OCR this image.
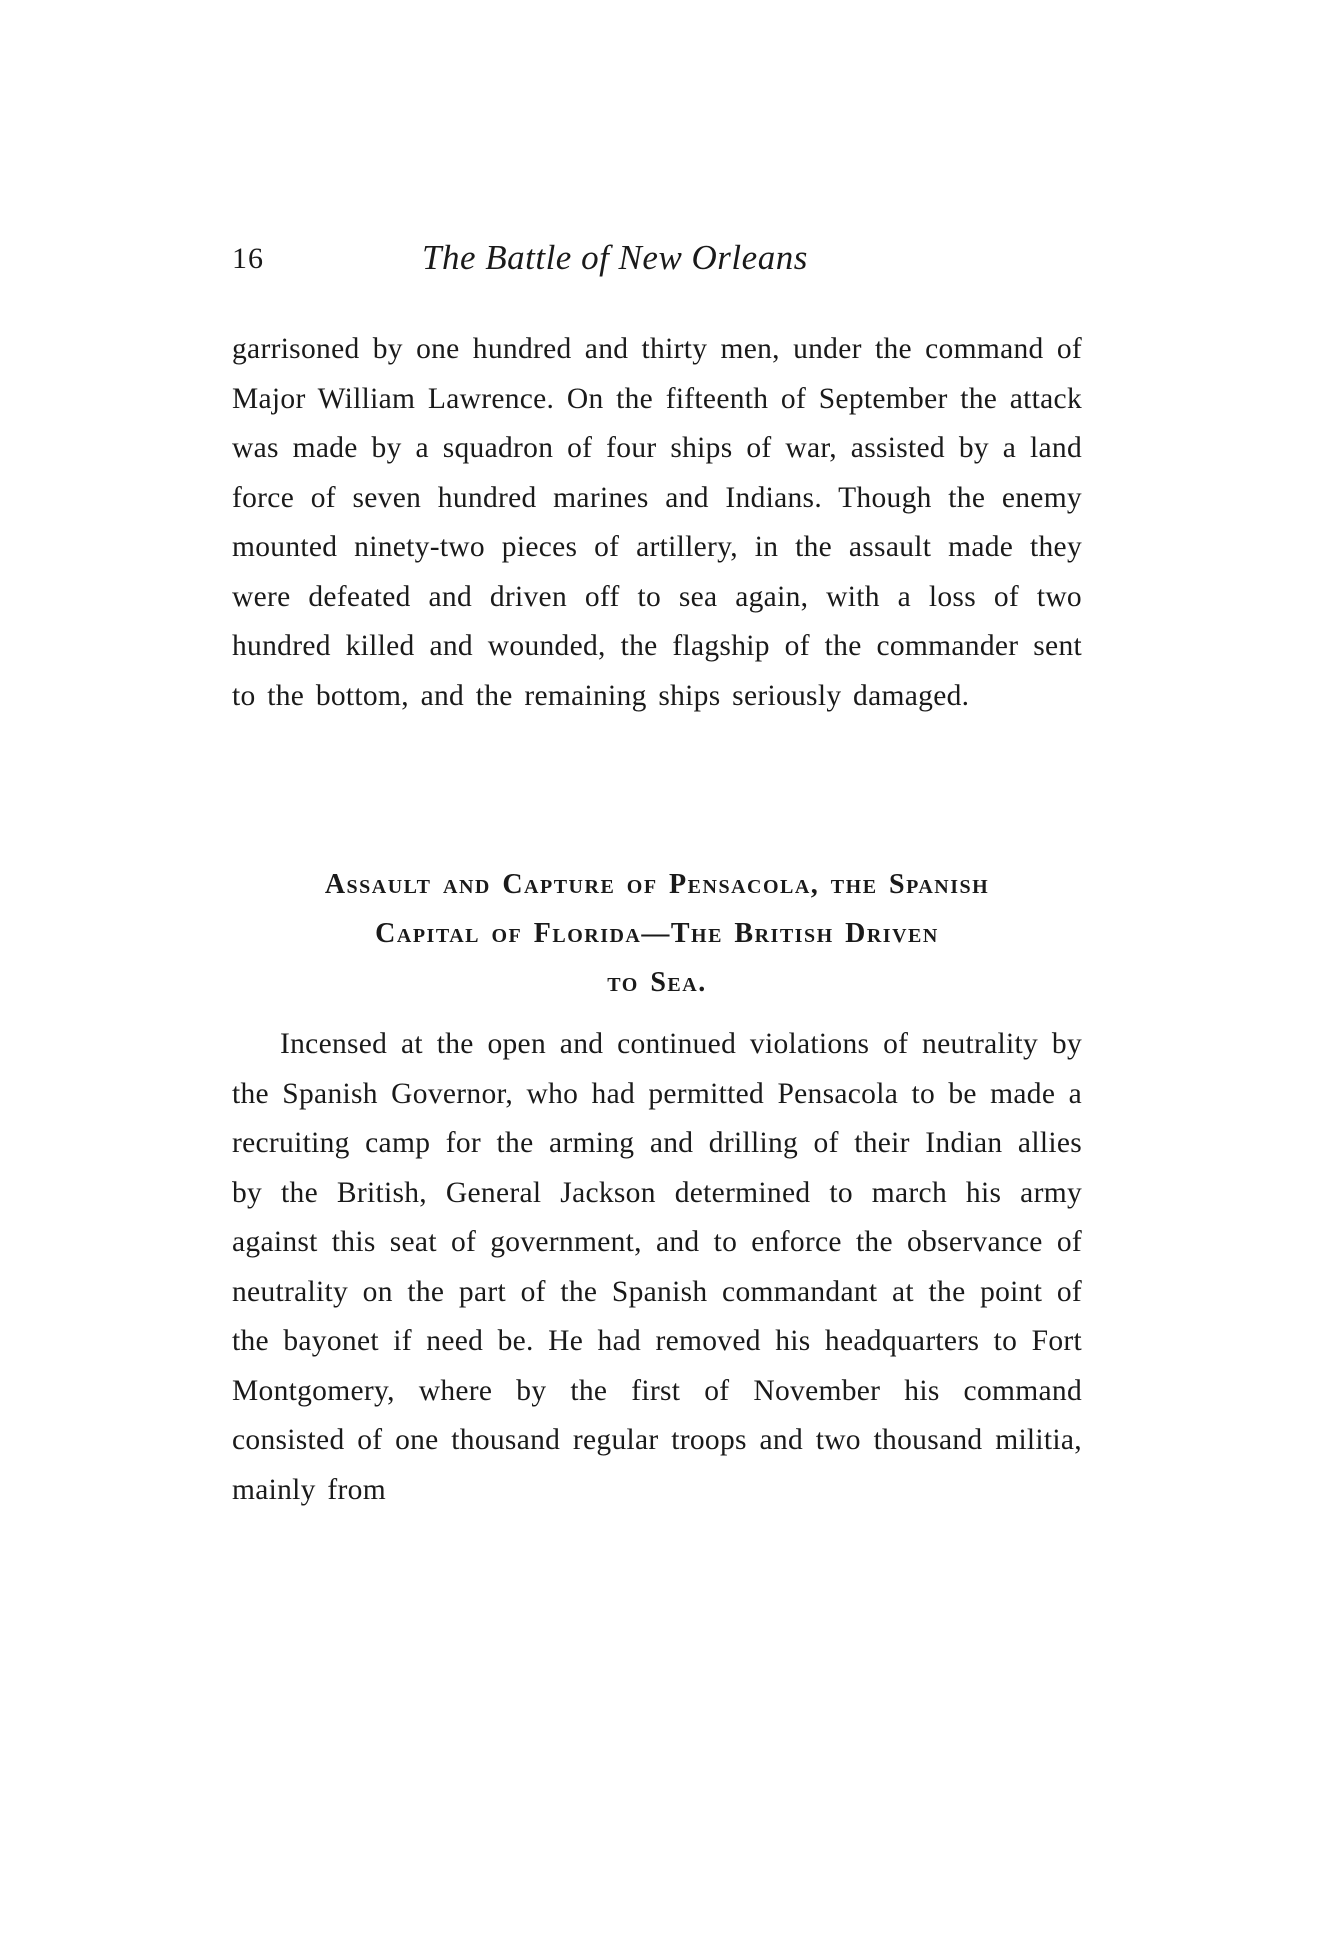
16	The Battle of New Orleans

garrisoned by one hundred and thirty men, under the command of Major William Lawrence. On the fifteenth of September the attack was made by a squadron of four ships of war, assisted by a land force of seven hundred marines and Indians. Though the enemy mounted ninety-two pieces of artillery, in the assault made they were defeated and driven off to sea again, with a loss of two hundred killed and wounded, the flagship of the commander sent to the bottom, and the remaining ships seriously damaged.

Assault and Capture of Pensacola, the Spanish
Capital of Florida—The British Driven
to Sea.

Incensed at the open and continued violations of neutrality by the Spanish Governor, who had permitted Pensacola to be made a recruiting camp for the arming and drilling of their Indian allies by the British, General Jackson determined to march his army against this seat of government, and to enforce the observance of neutrality on the part of the Spanish commandant at the point of the bayonet if need be. He had removed his headquarters to Fort Montgomery, where by the first of November his command consisted of one thousand regular troops and two thousand militia, mainly from
